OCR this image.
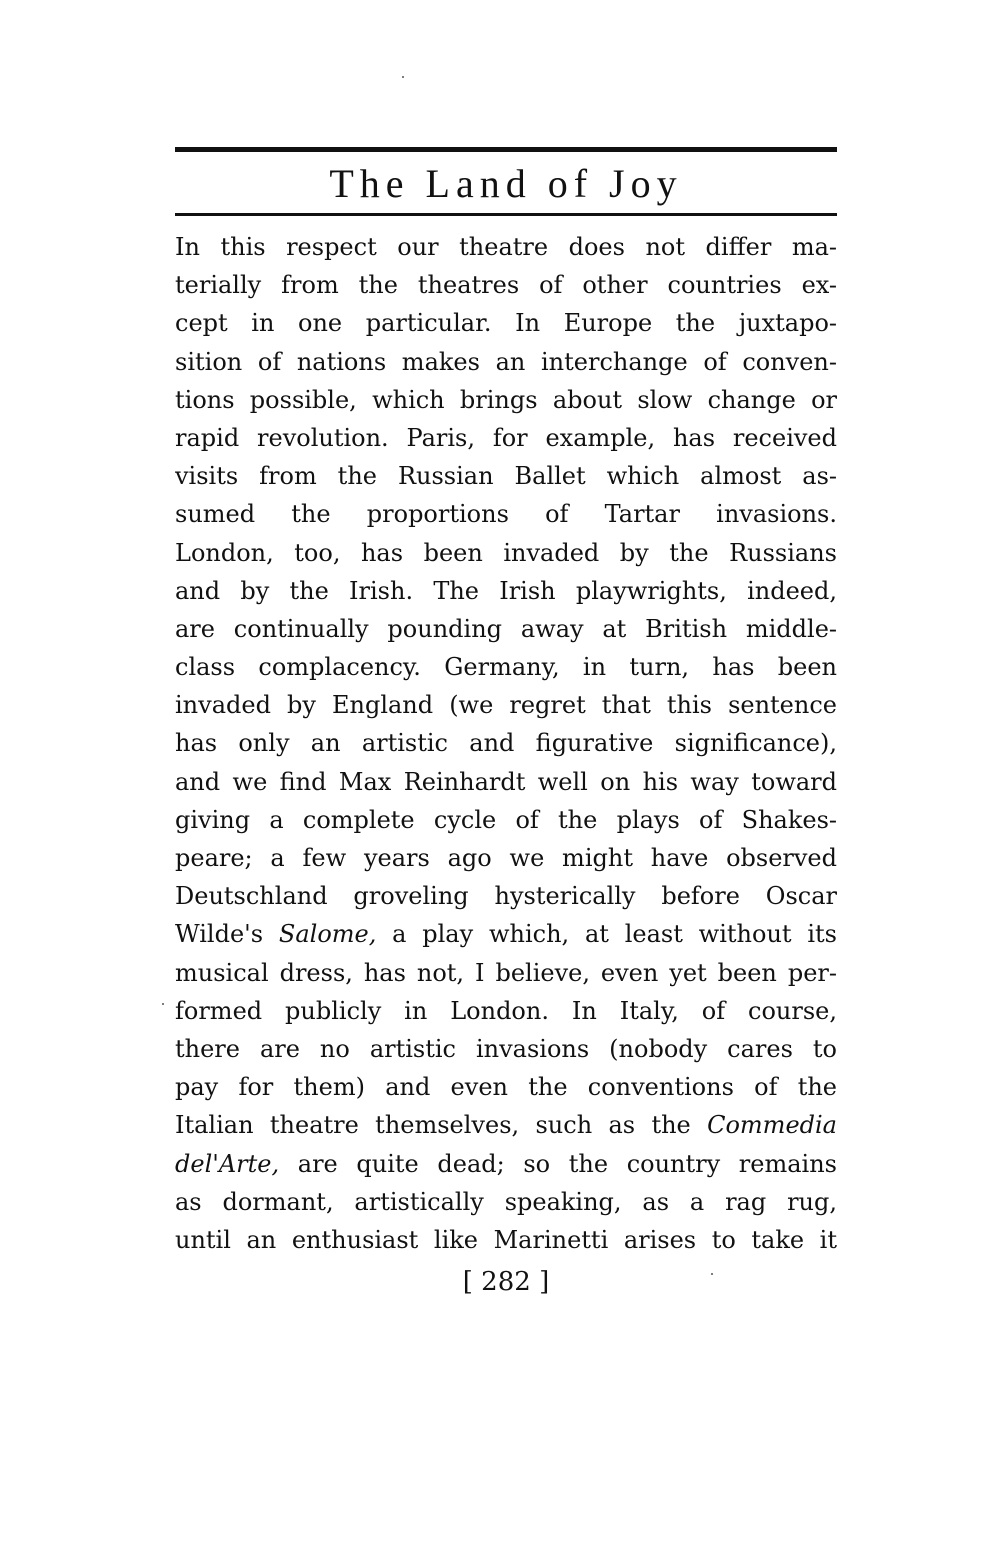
The Land of Joy
In this respect our theatre does not differ ma-
terially from the theatres of other countries ex-
cept in one particular. In Europe the juxtapo-
sition of nations makes an interchange of conven-
tions possible, which brings about slow change or
rapid revolution. Paris, for example, has received
visits from the Russian Ballet which almost as-
sumed the proportions of Tartar invasions.
London, too, has been invaded by the Russians
and by the Irish. The Irish playwrights, indeed,
are continually pounding away at British middle-
class complacency. Germany, in turn, has been
invaded by England (we regret that this sentence
has only an artistic and figurative significance),
and we find Max Reinhardt well on his way toward
giving a complete cycle of the plays of Shakes-
peare; a few years ago we might have observed
Deutschland groveling hysterically before Oscar
Wilde's Salome, a play which, at least without its
musical dress, has not, I believe, even yet been per-
formed publicly in London. In Italy, of course,
there are no artistic invasions (nobody cares to
pay for them) and even the conventions of the
Italian theatre themselves, such as the Commedia
del'Arte, are quite dead; so the country remains
as dormant, artistically speaking, as a rag rug,
until an enthusiast like Marinetti arises to take it
[ 282 ]
